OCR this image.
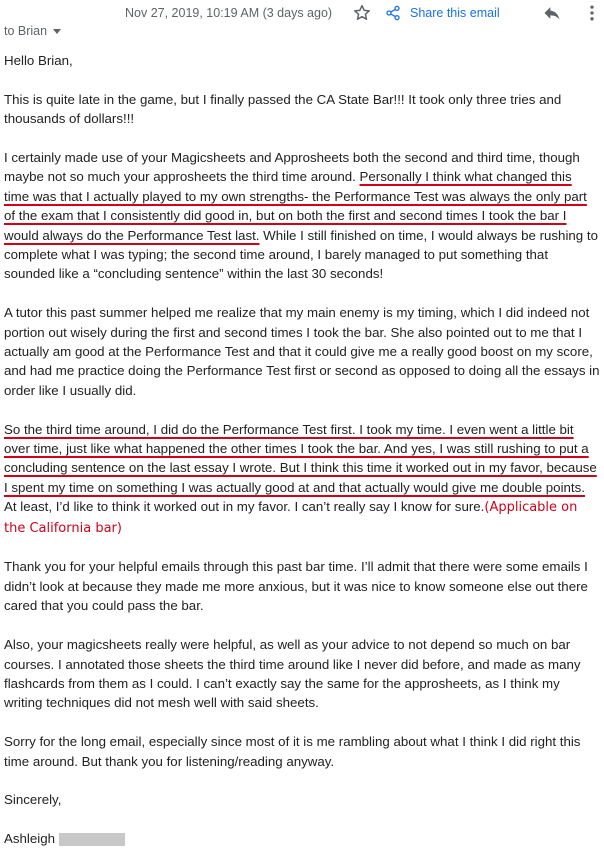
Nov 27, 2019, 10:19 AM (3 days ago)	Share this email
to Brian

Hello Brian,

This is quite late in the game, but I finally passed the CA State Bar!!! It took only three tries and thousands of dollars!!!

I certainly made use of your Magicsheets and Approsheets both the second and third time, though maybe not so much your approsheets the third time around. Personally I think what changed this time was that I actually played to my own strengths- the Performance Test was always the only part of the exam that I consistently did good in, but on both the first and second times I took the bar I would always do the Performance Test last. While I still finished on time, I would always be rushing to complete what I was typing; the second time around, I barely managed to put something that sounded like a “concluding sentence” within the last 30 seconds!

A tutor this past summer helped me realize that my main enemy is my timing, which I did indeed not portion out wisely during the first and second times I took the bar. She also pointed out to me that I actually am good at the Performance Test and that it could give me a really good boost on my score, and had me practice doing the Performance Test first or second as opposed to doing all the essays in order like I usually did.

So the third time around, I did do the Performance Test first. I took my time. I even went a little bit over time, just like what happened the other times I took the bar. And yes, I was still rushing to put a concluding sentence on the last essay I wrote. But I think this time it worked out in my favor, because I spent my time on something I was actually good at and that actually would give me double points. At least, I’d like to think it worked out in my favor. I can’t really say I know for sure.(Applicable on the California bar)

Thank you for your helpful emails through this past bar time. I’ll admit that there were some emails I didn’t look at because they made me more anxious, but it was nice to know someone else out there cared that you could pass the bar.

Also, your magicsheets really were helpful, as well as your advice to not depend so much on bar courses. I annotated those sheets the third time around like I never did before, and made as many flashcards from them as I could. I can’t exactly say the same for the approsheets, as I think my writing techniques did not mesh well with said sheets.

Sorry for the long email, especially since most of it is me rambling about what I think I did right this time around. But thank you for listening/reading anyway.

Sincerely,

Ashleigh
